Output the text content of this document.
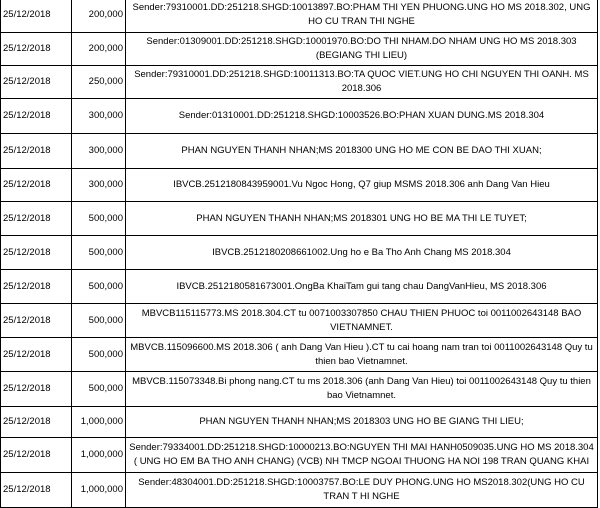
25/12/2018	200,000	Sender:79310001.DD:251218.SHGD:10013897.BO:PHAM THI YEN PHUONG.UNG HO MS 2018.302, UNG HO CU TRAN THI NGHE
25/12/2018	200,000	Sender:01309001.DD:251218.SHGD:10001970.BO:DO THI NHAM.DO NHAM UNG HO MS 2018.303 (BEGIANG THI LIEU)
25/12/2018	250,000	Sender:79310001.DD:251218.SHGD:10011313.BO:TA QUOC VIET.UNG HO CHI NGUYEN THI OANH. MS 2018.306
25/12/2018	300,000	Sender:01310001.DD:251218.SHGD:10003526.BO:PHAN XUAN DUNG.MS 2018.304
25/12/2018	300,000	PHAN NGUYEN THANH NHAN;MS 2018300 UNG HO ME CON BE DAO THI XUAN;
25/12/2018	300,000	IBVCB.2512180843959001.Vu Ngoc Hong, Q7 giup MSMS 2018.306 anh Dang Van Hieu
25/12/2018	500,000	PHAN NGUYEN THANH NHAN;MS 2018301 UNG HO BE MA THI LE TUYET;
25/12/2018	500,000	IBVCB.2512180208661002.Ung ho e Ba Tho Anh Chang MS 2018.304
25/12/2018	500,000	IBVCB.2512180581673001.OngBa KhaiTam gui tang chau DangVanHieu, MS 2018.306
25/12/2018	500,000	MBVCB115115773.MS 2018.304.CT tu 0071003307850 CHAU THIEN PHUOC toi 0011002643148 BAO VIETNAMNET.
25/12/2018	500,000	MBVCB.115096600.MS 2018.306 ( anh Dang Van Hieu ).CT tu cai hoang nam tran toi 0011002643148 Quy tu thien bao Vietnamnet.
25/12/2018	500,000	MBVCB.115073348.Bi phong nang.CT tu ms 2018.306 (anh Dang Van Hieu) toi 0011002643148 Quy tu thien bao Vietnamnet.
25/12/2018	1,000,000	PHAN NGUYEN THANH NHAN;MS 2018303 UNG HO BE GIANG THI LIEU;
25/12/2018	1,000,000	Sender:79334001.DD:251218.SHGD:10000213.BO:NGUYEN THI MAI HANH0509035.UNG HO MS 2018.304 ( UNG HO EM BA THO ANH CHANG) (VCB) NH TMCP NGOAI THUONG HA NOI 198 TRAN QUANG KHAI
25/12/2018	1,000,000	Sender:48304001.DD:251218.SHGD:10003757.BO:LE DUY PHONG.UNG HO MS2018.302(UNG HO CU TRAN T HI NGHE
